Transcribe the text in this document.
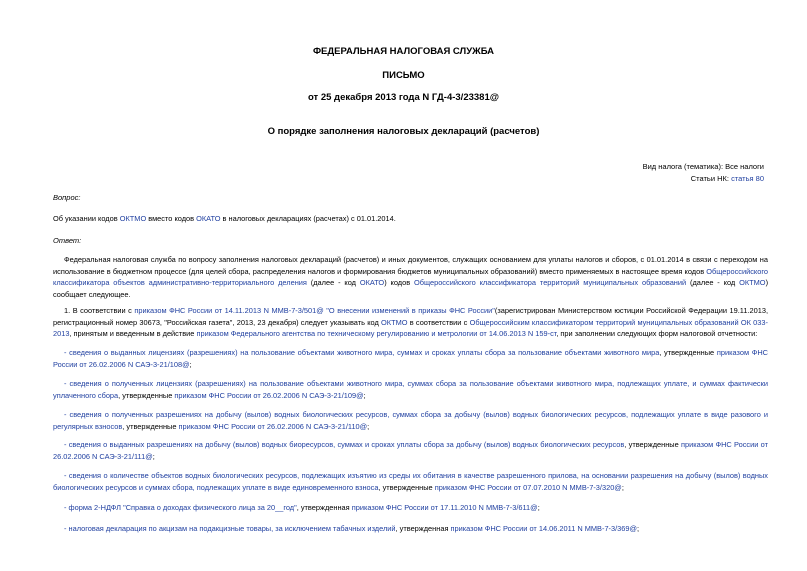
ФЕДЕРАЛЬНАЯ НАЛОГОВАЯ СЛУЖБА
ПИСЬМО
от 25 декабря 2013 года N ГД-4-3/23381@
О порядке заполнения налоговых деклараций (расчетов)
Вид налога (тематика): Все налоги
Статьи НК: статья 80
Вопрос:
Об указании кодов ОКТМО вместо кодов ОКАТО в налоговых декларациях (расчетах) с 01.01.2014.
Ответ:
Федеральная налоговая служба по вопросу заполнения налоговых деклараций (расчетов) и иных документов, служащих основанием для уплаты налогов и сборов, с 01.01.2014 в связи с переходом на использование в бюджетном процессе (для целей сбора, распределения налогов и формирования бюджетов муниципальных образований) вместо применяемых в настоящее время кодов Общероссийского классификатора объектов административно-территориального деления (далее - код ОКАТО) кодов Общероссийского классификатора территорий муниципальных образований (далее - код ОКТМО) сообщает следующее.
1. В соответствии с приказом ФНС России от 14.11.2013 N ММВ-7-3/501@ "О внесении изменений в приказы ФНС России"(зарегистрирован Министерством юстиции Российской Федерации 19.11.2013, регистрационный номер 30673, "Российская газета", 2013, 23 декабря) следует указывать код ОКТМО в соответствии с Общероссийским классификатором территорий муниципальных образований ОК 033-2013, принятым и введенным в действие приказом Федерального агентства по техническому регулированию и метрологии от 14.06.2013 N 159-ст, при заполнении следующих форм налоговой отчетности:
- сведения о выданных лицензиях (разрешениях) на пользование объектами животного мира, суммах и сроках уплаты сбора за пользование объектами животного мира, утвержденные приказом ФНС России от 26.02.2006 N САЭ-3-21/108@;
- сведения о полученных лицензиях (разрешениях) на пользование объектами животного мира, суммах сбора за пользование объектами животного мира, подлежащих уплате, и суммах фактически уплаченного сбора, утвержденные приказом ФНС России от 26.02.2006 N САЭ-3-21/109@;
- сведения о полученных разрешениях на добычу (вылов) водных биологических ресурсов, суммах сбора за добычу (вылов) водных биологических ресурсов, подлежащих уплате в виде разового и регулярных взносов, утвержденные приказом ФНС России от 26.02.2006 N САЭ-3-21/110@;
- сведения о выданных разрешениях на добычу (вылов) водных биоресурсов, суммах и сроках уплаты сбора за добычу (вылов) водных биологических ресурсов, утвержденные приказом ФНС России от 26.02.2006 N САЭ-3-21/111@;
- сведения о количестве объектов водных биологических ресурсов, подлежащих изъятию из среды их обитания в качестве разрешенного прилова, на основании разрешения на добычу (вылов) водных биологических ресурсов и суммах сбора, подлежащих уплате в виде единовременного взноса, утвержденные приказом ФНС России от 07.07.2010 N ММВ-7-3/320@;
- форма 2-НДФЛ "Справка о доходах физического лица за 20__год", утвержденная приказом ФНС России от 17.11.2010 N ММВ-7-3/611@;
- налоговая декларация по акцизам на подакцизные товары, за исключением табачных изделий, утвержденная приказом ФНС России от 14.06.2011 N ММВ-7-3/369@;
